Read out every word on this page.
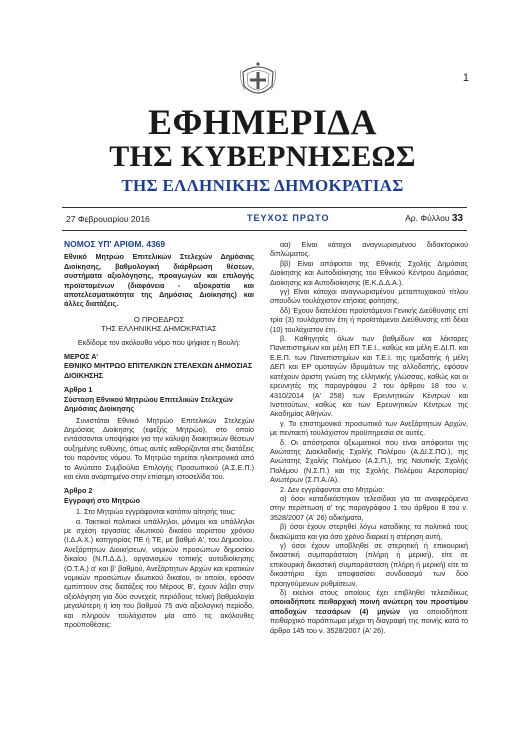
1
ΕΦΗΜΕΡΙΔΑ
ΤΗΣ ΚΥΒΕΡΝΗΣΕΩΣ
ΤΗΣ ΕΛΛΗΝΙΚΗΣ ΔΗΜΟΚΡΑΤΙΑΣ
27 Φεβρουαρίου 2016	ΤΕΥΧΟΣ ΠΡΩΤΟ	Αρ. Φύλλου 33

ΝΟΜΟΣ ΥΠ' ΑΡΙΘΜ. 4369

Εθνικό Μητρώο Επιτελικών Στελεχών Δημόσιας Διοίκησης, βαθμολογική διάρθρωση θέσεων, συστήματα αξιολόγησης, προαγωγών και επιλογής προϊσταμένων (διαφάνεια - αξιοκρατία και αποτελεσματικότητα της Δημόσιας Διοίκησης) και άλλες διατάξεις.

Ο ΠΡΟΕΔΡΟΣ
ΤΗΣ ΕΛΛΗΝΙΚΗΣ ΔΗΜΟΚΡΑΤΙΑΣ

Εκδίδομε τον ακόλουθο νόμο που ψήφισε η Βουλή:

ΜΕΡΟΣ Α'
ΕΘΝΙΚΟ ΜΗΤΡΩΟ ΕΠΙΤΕΛΙΚΩΝ ΣΤΕΛΕΧΩΝ ΔΗΜΟΣΙΑΣ ΔΙΟΙΚΗΣΗΣ

Άρθρο 1

Σύσταση Εθνικού Μητρώου Επιτελικών Στελεχών Δημόσιας Διοίκησης

Συνιστάται Εθνικό Μητρώο Επιτελικών Στελεχών Δημόσιας Διοίκησης (εφεξής Μητρώο), στο οποίο εντάσσονται υποψήφιοι για την κάλυψη διοικητικών θέσεων αυξημένης ευθύνης, όπως αυτές καθορίζονται στις διατάξεις του παρόντος νόμου. Το Μητρώο τηρείται ηλεκτρονικά από το Ανώτατο Συμβούλιο Επιλογής Προσωπικού (Α.Σ.Ε.Π.) και είναι αναρτημένο στην επίσημη ιστοσελίδα του.

Άρθρο 2

Εγγραφή στο Μητρώο

1. Στο Μητρώο εγγράφονται κατόπιν αίτησής τους:

α. Τακτικοί πολιτικοί υπάλληλοι, μόνιμοι και υπάλληλοι με σχέση εργασίας ιδιωτικού δικαίου αορίστου χρόνου (Ι.Δ.Α.Χ.) κατηγορίας ΠΕ ή ΤΕ, με βαθμό Α', του Δημοσίου, Ανεξάρτητων Διοικήσεων, νομικών προσώπων δημοσίου δικαίου (Ν.Π.Δ.Δ.), οργανισμών τοπικής αυτοδιοίκησης (Ο.Τ.Α.) α' και β' βαθμού, Ανεξάρτητων Αρχών και κρατικών νομικών προσώπων ιδιωτικού δικαίου, οι οποίοι, εφόσον εμπίπτουν στις διατάξεις του Μέρους Β', έχουν λάβει στην αξιολόγηση για δύο συνεχείς περιόδους τελική βαθμολογία μεγαλύτερη ή ίση του βαθμού 75 ανά αξιολογική περίοδο, και πληρούν τουλάχιστον μία από τις ακόλουθες προϋποθέσεις:

αα) Είναι κάτοχοι αναγνωρισμένου διδακτορικού διπλώματος.

ββ) Είναι απόφοιτοι της Εθνικής Σχολής Δημόσιας Διοίκησης και Αυτοδιοίκησης του Εθνικού Κέντρου Δημόσιας Διοίκησης και Αυτοδιοίκησης (Ε.Κ.Δ.Δ.Α.).

γγ) Είναι κάτοχοι αναγνωρισμένου μεταπτυχιακού τίτλου σπουδών τουλάχιστον ετήσιας φοίτησης.

δδ) Έχουν διατελέσει προϊστάμενοι Γενικής Διεύθυνσης επί τρία (3) τουλάχιστον έτη ή προϊστάμενοι Διεύθυνσης επί δέκα (10) τουλάχιστον έτη.

β. Καθηγητές όλων των βαθμίδων και λέκτορες Πανεπιστημίων και μέλη ΕΠ Τ.Ε.Ι., καθώς και μέλη Ε.ΔΙ.Π. και Ε.Ε.Π. των Πανεπιστημίων και Τ.Ε.Ι. της ημεδαπής ή μέλη ΔΕΠ και ΕΡ ομοταγών Ιδρυμάτων της αλλοδαπής, εφόσον κατέχουν άριστη γνώση της ελληνικής γλώσσας, καθώς και οι ερευνητές της παραγράφου 2 του άρθρου 18 του ν. 4310/2014 (Α' 258) των Ερευνητικών Κέντρων και Ινστιτούτων, καθώς και των Ερευνητικών Κέντρων της Ακαδημίας Αθηνών.

γ. Το επιστημονικό προσωπικό των Ανεξάρτητων Αρχών, με πενταετή τουλάχιστον προϋπηρεσία σε αυτές.

δ. Οι απόστρατοι αξιωματικοί που είναι απόφοιτοι της Ανώτατης Διακλαδικής Σχολής Πολέμου (Α.ΔΙ.Σ.ΠΟ.), της Ανώτατης Σχολής Πολέμου (Α.Σ.Π.), της Ναυτικής Σχολής Πολέμου (Ν.Σ.Π.) και της Σχολής Πολέμου Αεροπορίας/ Ανωτέρων (Σ.Π.Α./Α).

2. Δεν εγγράφονται στο Μητρώο:

α) όσοι καταδικάστηκαν τελεσίδικα για τα αναφερόμενα στην περίπτωση α' της παραγράφου 1 του άρθρου 8 του ν. 3528/2007 (Α' 26) αδικήματα,

β) όσοι έχουν στερηθεί λόγω καταδίκης τα πολιτικά τους δικαιώματα και για όσο χρόνο διαρκεί η στέρηση αυτή,

γ) όσοι έχουν υποβληθεί σε στερητική ή επικουρική δικαστική συμπαράσταση (πλήρη ή μερική), είτε σε επικουρική δικαστική συμπαράσταση (πλήρη ή μερική) είτε τα δικαστήριο έχει αποφασίσει συνδυασμό των δύο προηγούμενων ρυθμίσεων,

δ) εκείνοι στους οποίους έχει επιβληθεί τελεσιδίκως οποιαδήποτε πειθαρχική ποινή ανώτερη του προστίμου αποδοχών τεσσάρων (4) μηνών για οποιοδήποτε πειθαρχικό παράπτωμα μέχρι τη διαγραφή της ποινής κατά το άρθρο 145 του ν. 3528/2007 (Α' 26).
